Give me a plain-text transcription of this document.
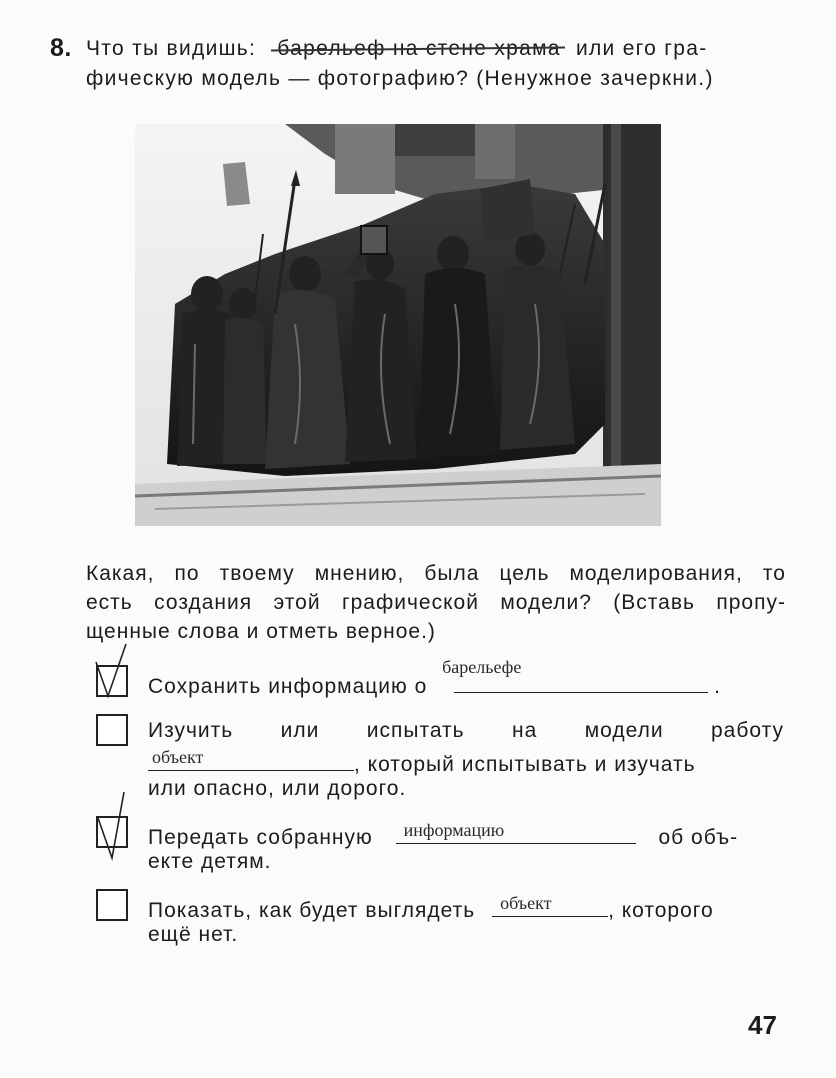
8. Что ты видишь: барельеф на стене храма или его гра-
фическую модель — фотографию? (Ненужное зачеркни.)
Какая, по твоему мнению, была цель моделирования, то
есть создания этой графической модели? (Вставь пропу-
щенные слова и отметь верное.)
Сохранить информацию о
барельефе
.
Изучить или испытать на модели работу
объект	, который испытывать и изучать
или опасно, или дорого.
Передать собранную информацию	об объ-
екте детям.
Показать, как будет выглядеть объект	, которого
ещё нет.
47
